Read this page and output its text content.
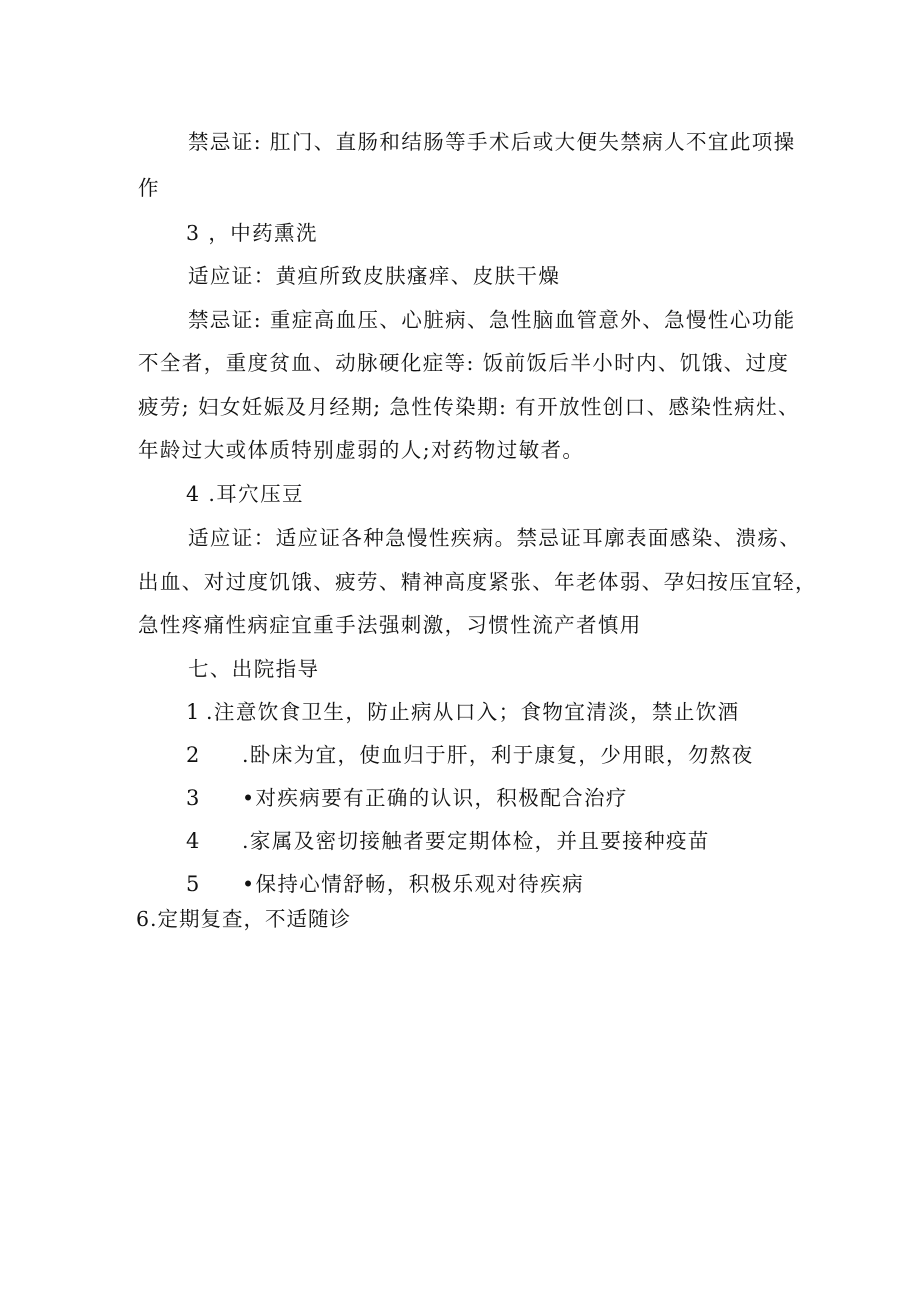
禁忌证: 肛门、直肠和结肠等手术后或大便失禁病人不宜此项操
作
3 ，中药熏洗
适应证：黄疸所致皮肤瘙痒、皮肤干燥
禁忌证: 重症高血压、心脏病、急性脑血管意外、急慢性心功能
不全者，重度贫血、动脉硬化症等: 饭前饭后半小时内、饥饿、过度
疲劳; 妇女妊娠及月经期; 急性传染期: 有开放性创口、感染性病灶、
年龄过大或体质特别虚弱的人;对药物过敏者。
4 .耳穴压豆
适应证：适应证各种急慢性疾病。禁忌证耳廓表面感染、溃疡、
出血、对过度饥饿、疲劳、精神高度紧张、年老体弱、孕妇按压宜轻，
急性疼痛性病症宜重手法强刺激，习惯性流产者慎用
七、出院指导
1 .注意饮食卫生，防止病从口入；食物宜清淡，禁止饮酒
2 .卧床为宜，使血归于肝，利于康复，少用眼，勿熬夜
3 •对疾病要有正确的认识，积极配合治疗
4 .家属及密切接触者要定期体检，并且要接种疫苗
5 •保持心情舒畅，积极乐观对待疾病
6.定期复查，不适随诊
